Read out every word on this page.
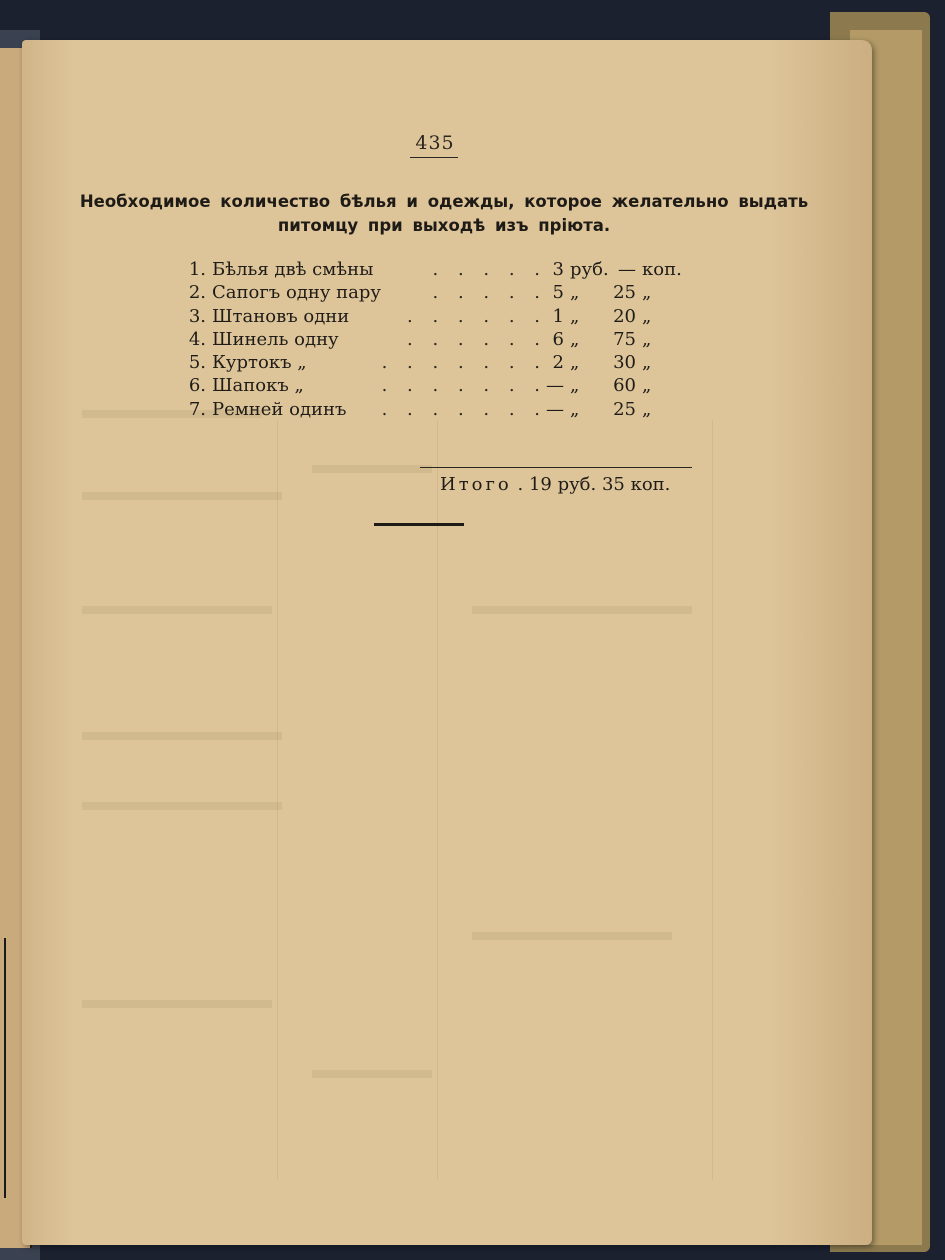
435
Необходимое количество бѣлья и одежды, которое желательно выдать
питомцу при выходѣ изъ прiюта.
1. Бѣлья двѣ смѣны	. . . . . 3 руб. — коп.
2. Сапогъ одну пару	. . . . . 5 „	25 „
3. Штановъ одни	. . . . . . 1 „	20 „
4. Шинель одну	. . . . . . 6 „	75 „
5. Куртокъ „	. . . . . . . 2 „	30 „
6. Шапокъ „	. . . . . . . — „	60 „
7. Ремней одинъ . . . . . . . — „	25 „
Итого . 19 руб. 35 коп.
